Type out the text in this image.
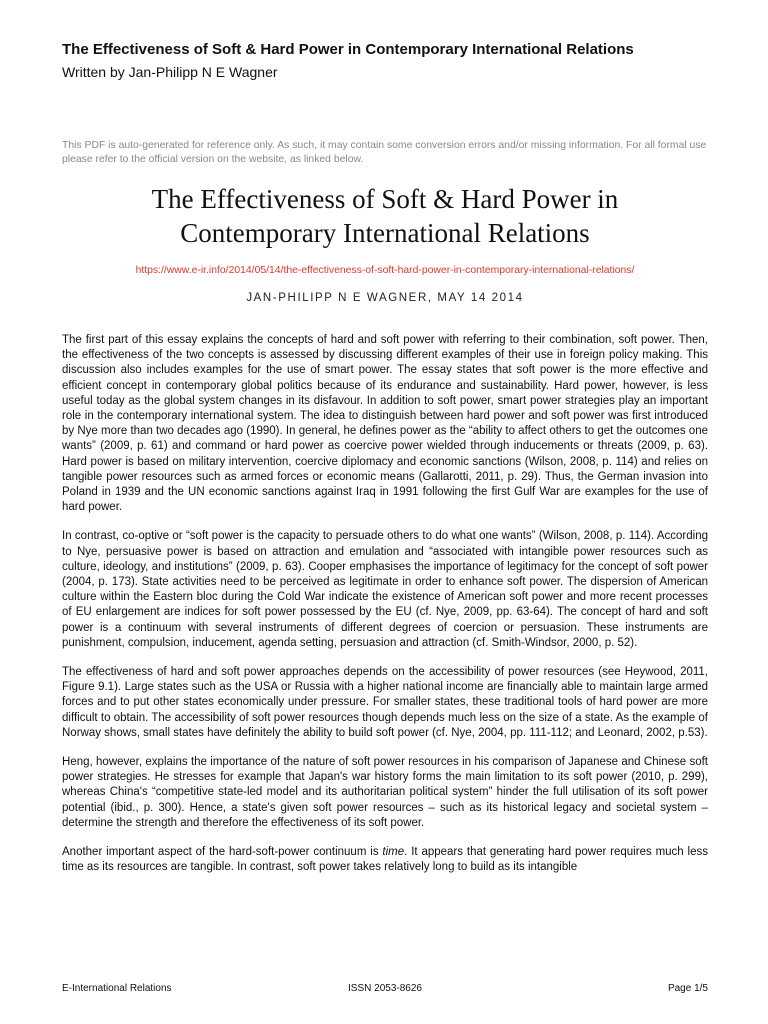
The Effectiveness of Soft & Hard Power in Contemporary International Relations
Written by Jan-Philipp N E Wagner
This PDF is auto-generated for reference only. As such, it may contain some conversion errors and/or missing information. For all formal use please refer to the official version on the website, as linked below.
The Effectiveness of Soft & Hard Power in
Contemporary International Relations
https://www.e-ir.info/2014/05/14/the-effectiveness-of-soft-hard-power-in-contemporary-international-relations/
JAN-PHILIPP N E WAGNER, MAY 14 2014

The first part of this essay explains the concepts of hard and soft power with referring to their combination, soft power. Then, the effectiveness of the two concepts is assessed by discussing different examples of their use in foreign policy making. This discussion also includes examples for the use of smart power. The essay states that soft power is the more effective and efficient concept in contemporary global politics because of its endurance and sustainability. Hard power, however, is less useful today as the global system changes in its disfavour. In addition to soft power, smart power strategies play an important role in the contemporary international system. The idea to distinguish between hard power and soft power was first introduced by Nye more than two decades ago (1990). In general, he defines power as the “ability to affect others to get the outcomes one wants” (2009, p. 61) and command or hard power as coercive power wielded through inducements or threats (2009, p. 63). Hard power is based on military intervention, coercive diplomacy and economic sanctions (Wilson, 2008, p. 114) and relies on tangible power resources such as armed forces or economic means (Gallarotti, 2011, p. 29). Thus, the German invasion into Poland in 1939 and the UN economic sanctions against Iraq in 1991 following the first Gulf War are examples for the use of hard power.

In contrast, co-optive or “soft power is the capacity to persuade others to do what one wants” (Wilson, 2008, p. 114). According to Nye, persuasive power is based on attraction and emulation and “associated with intangible power resources such as culture, ideology, and institutions” (2009, p. 63). Cooper emphasises the importance of legitimacy for the concept of soft power (2004, p. 173). State activities need to be perceived as legitimate in order to enhance soft power. The dispersion of American culture within the Eastern bloc during the Cold War indicate the existence of American soft power and more recent processes of EU enlargement are indices for soft power possessed by the EU (cf. Nye, 2009, pp. 63-64). The concept of hard and soft power is a continuum with several instruments of different degrees of coercion or persuasion. These instruments are punishment, compulsion, inducement, agenda setting, persuasion and attraction (cf. Smith-Windsor, 2000, p. 52).

The effectiveness of hard and soft power approaches depends on the accessibility of power resources (see Heywood, 2011, Figure 9.1). Large states such as the USA or Russia with a higher national income are financially able to maintain large armed forces and to put other states economically under pressure. For smaller states, these traditional tools of hard power are more difficult to obtain. The accessibility of soft power resources though depends much less on the size of a state. As the example of Norway shows, small states have definitely the ability to build soft power (cf. Nye, 2004, pp. 111-112; and Leonard, 2002, p.53).

Heng, however, explains the importance of the nature of soft power resources in his comparison of Japanese and Chinese soft power strategies. He stresses for example that Japan's war history forms the main limitation to its soft power (2010, p. 299), whereas China's “competitive state-led model and its authoritarian political system” hinder the full utilisation of its soft power potential (ibid., p. 300). Hence, a state's given soft power resources – such as its historical legacy and societal system – determine the strength and therefore the effectiveness of its soft power.

Another important aspect of the hard-soft-power continuum is time. It appears that generating hard power requires much less time as its resources are tangible. In contrast, soft power takes relatively long to build as its intangible

E-International Relations	ISSN 2053-8626	Page 1/5
